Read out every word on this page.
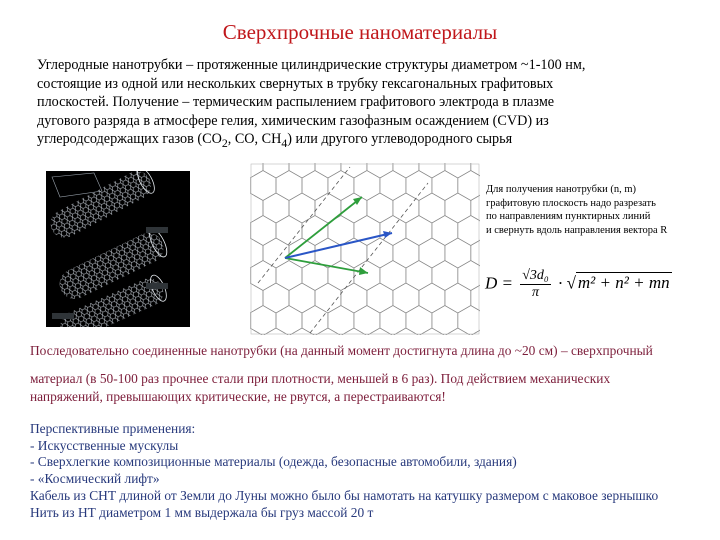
Сверхпрочные наноматериалы
Углеродные нанотрубки – протяженные цилиндрические структуры диаметром ~1-100 нм,
состоящие из одной или нескольких свернутых в трубку гексагональных графитовых
плоскостей. Получение – термическим распылением графитового электрода в плазме
дугового разряда в атмосфере гелия, химическим газофазным осаждением (CVD) из
углеродсодержащих газов ($CO_2$, CO, $CH_4$) или другого углеводородного сырья
Для получения нанотрубки (n, m)
графитовую плоскость надо разрезать
по направлениям пунктирных линий
и свернуть вдоль направления вектора R
$D = \frac{\text{√3d₀}}{\pi}$ · √ m² + n² + mn
Последовательно соединенные нанотрубки (на данный момент достигнута длина до ~20 см) – сверхпрочный
материал (в 50-100 раз прочнее стали при плотности, меньшей в 6 раз). Под действием механических
напряжений, превышающих критические, не рвутся, а перестраиваются!
Перспективные применения:
- Искусственные мускулы
- Сверхлегкие композиционные материалы (одежда, безопасные автомобили, здания)
- «Космический лифт»
Кабель из СНТ длиной от Земли до Луны можно было бы намотать на катушку размером с маковое зернышко
Нить из НТ диаметром 1 мм выдержала бы груз массой 20 т
